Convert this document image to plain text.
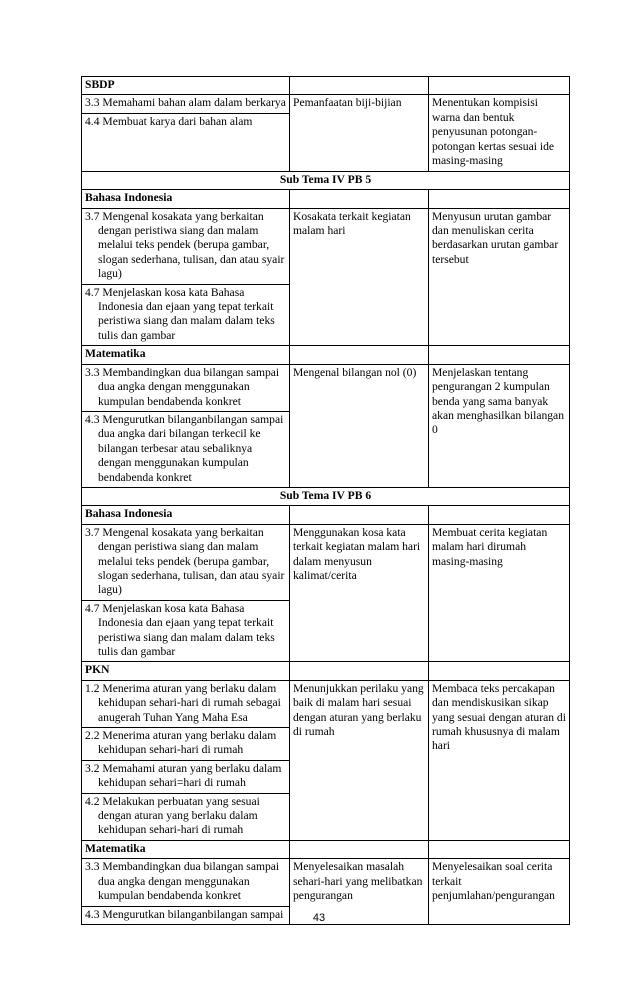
SBDP		
3.3 Memahami bahan alam dalam berkarya	Pemanfaatan biji-bijian	Menentukan kompisisi warna dan bentuk penyusunan potongan-potongan kertas sesuai ide masing-masing
4.4 Membuat karya dari bahan alam		
Sub Tema IV PB 5		
Bahasa Indonesia		
3.7 Mengenal kosakata yang berkaitan dengan peristiwa siang dan malam melalui teks pendek (berupa gambar, slogan sederhana, tulisan, dan atau syair lagu)	Kosakata terkait kegiatan malam hari	Menyusun urutan gambar dan menuliskan cerita berdasarkan urutan gambar tersebut
4.7 Menjelaskan kosa kata Bahasa Indonesia dan ejaan yang tepat terkait peristiwa siang dan malam dalam teks tulis dan gambar		
Matematika		
3.3 Membandingkan dua bilangan sampai dua angka dengan menggunakan kumpulan bendabenda konkret	Mengenal bilangan nol (0)	Menjelaskan tentang pengurangan 2 kumpulan benda yang sama banyak akan menghasilkan bilangan 0
4.3 Mengurutkan bilanganbilangan sampai dua angka dari bilangan terkecil ke bilangan terbesar atau sebaliknya dengan menggunakan kumpulan bendabenda konkret		
Sub Tema IV PB 6		
Bahasa Indonesia		
3.7 Mengenal kosakata yang berkaitan dengan peristiwa siang dan malam melalui teks pendek (berupa gambar, slogan sederhana, tulisan, dan atau syair lagu)	Menggunakan kosa kata terkait kegiatan malam hari dalam menyusun kalimat/cerita	Membuat cerita kegiatan malam hari dirumah masing-masing
4.7 Menjelaskan kosa kata Bahasa Indonesia dan ejaan yang tepat terkait peristiwa siang dan malam dalam teks tulis dan gambar		
PKN		
1.2 Menerima aturan yang berlaku dalam kehidupan sehari-hari di rumah sebagai anugerah Tuhan Yang Maha Esa	Menunjukkan perilaku yang baik di malam hari sesuai dengan aturan yang berlaku di rumah	Membaca teks percakapan dan mendiskusikan sikap yang sesuai dengan aturan di rumah khususnya di malam hari
2.2 Menerima aturan yang berlaku dalam kehidupan sehari-hari di rumah		
3.2 Memahami aturan yang berlaku dalam kehidupan sehari=hari di rumah		
4.2 Melakukan perbuatan yang sesuai dengan aturan yang berlaku dalam kehidupan sehari-hari di rumah		
Matematika		
3.3 Membandingkan dua bilangan sampai dua angka dengan menggunakan kumpulan bendabenda konkret	Menyelesaikan masalah sehari-hari yang melibatkan pengurangan	Menyelesaikan soal cerita terkait penjumlahan/pengurangan
4.3 Mengurutkan bilanganbilangan sampai			43
